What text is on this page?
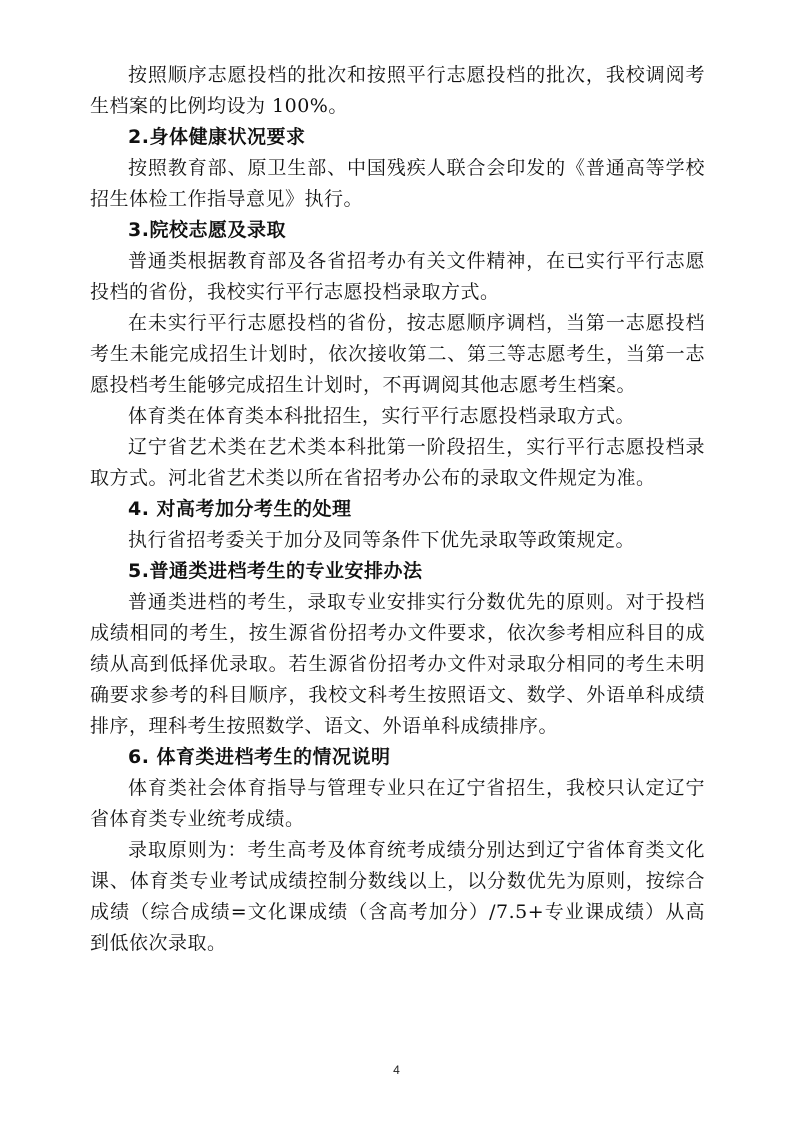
按照顺序志愿投档的批次和按照平行志愿投档的批次，我校调阅考生档案的比例均设为 100%。

2.身体健康状况要求

按照教育部、原卫生部、中国残疾人联合会印发的《普通高等学校招生体检工作指导意见》执行。

3.院校志愿及录取

普通类根据教育部及各省招考办有关文件精神，在已实行平行志愿投档的省份，我校实行平行志愿投档录取方式。

在未实行平行志愿投档的省份，按志愿顺序调档，当第一志愿投档考生未能完成招生计划时，依次接收第二、第三等志愿考生，当第一志愿投档考生能够完成招生计划时，不再调阅其他志愿考生档案。

体育类在体育类本科批招生，实行平行志愿投档录取方式。

辽宁省艺术类在艺术类本科批第一阶段招生，实行平行志愿投档录取方式。河北省艺术类以所在省招考办公布的录取文件规定为准。

4. 对高考加分考生的处理

执行省招考委关于加分及同等条件下优先录取等政策规定。

5.普通类进档考生的专业安排办法

普通类进档的考生，录取专业安排实行分数优先的原则。对于投档成绩相同的考生，按生源省份招考办文件要求，依次参考相应科目的成绩从高到低择优录取。若生源省份招考办文件对录取分相同的考生未明确要求参考的科目顺序，我校文科考生按照语文、数学、外语单科成绩排序，理科考生按照数学、语文、外语单科成绩排序。

6. 体育类进档考生的情况说明

体育类社会体育指导与管理专业只在辽宁省招生，我校只认定辽宁省体育类专业统考成绩。

录取原则为：考生高考及体育统考成绩分别达到辽宁省体育类文化课、体育类专业考试成绩控制分数线以上，以分数优先为原则，按综合成绩（综合成绩=文化课成绩（含高考加分）/7.5+专业课成绩）从高到低依次录取。

4
